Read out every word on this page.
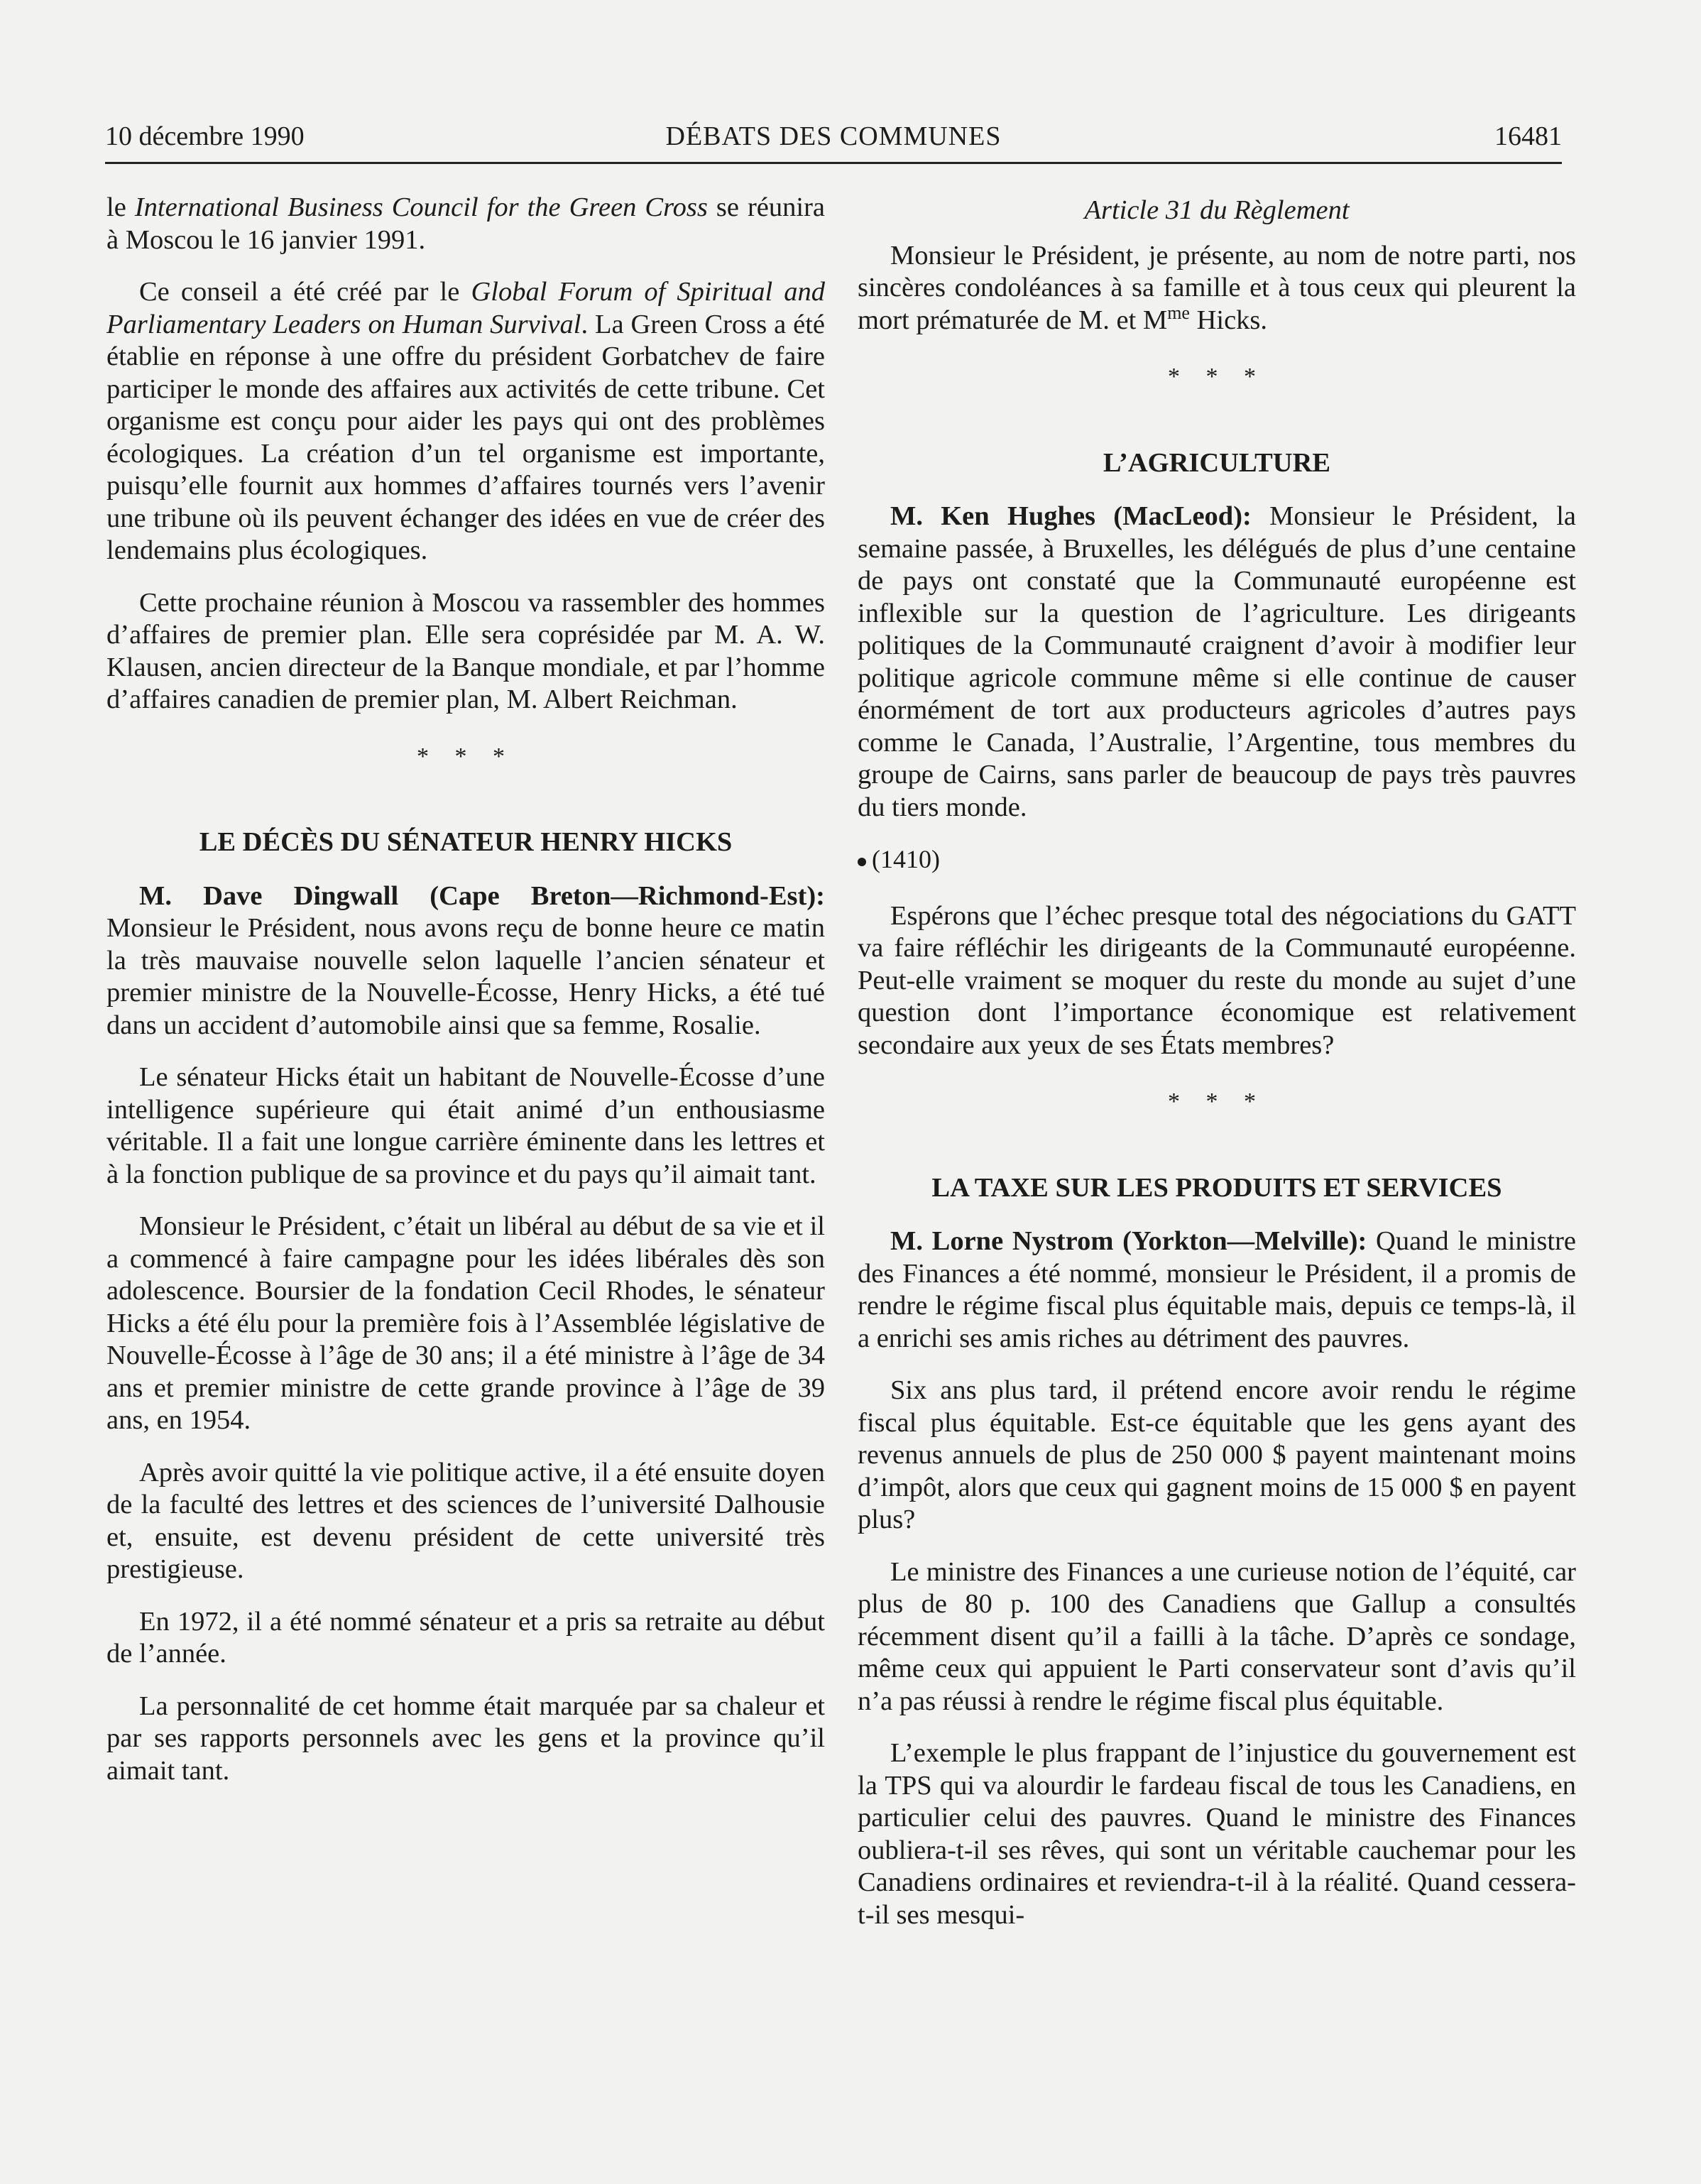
10 décembre 1990	DÉBATS DES COMMUNES	16481

le International Business Council for the Green Cross se réunira à Moscou le 16 janvier 1991.

Ce conseil a été créé par le Global Forum of Spiritual and Parliamentary Leaders on Human Survival. La Green Cross a été établie en réponse à une offre du président Gorbatchev de faire participer le monde des affaires aux activités de cette tribune. Cet organisme est conçu pour aider les pays qui ont des problèmes écologiques. La création d’un tel organisme est importante, puisqu’elle fournit aux hommes d’affaires tournés vers l’avenir une tribune où ils peuvent échanger des idées en vue de créer des lendemains plus écologiques.

Cette prochaine réunion à Moscou va rassembler des hommes d’affaires de premier plan. Elle sera coprésidée par M. A. W. Klausen, ancien directeur de la Banque mondiale, et par l’homme d’affaires canadien de premier plan, M. Albert Reichman.

* * *
LE DÉCÈS DU SÉNATEUR HENRY HICKS

M. Dave Dingwall (Cape Breton—Richmond-Est): Monsieur le Président, nous avons reçu de bonne heure ce matin la très mauvaise nouvelle selon laquelle l’ancien sénateur et premier ministre de la Nouvelle-Écosse, Henry Hicks, a été tué dans un accident d’automobile ainsi que sa femme, Rosalie.

Le sénateur Hicks était un habitant de Nouvelle-Écosse d’une intelligence supérieure qui était animé d’un enthousiasme véritable. Il a fait une longue carrière éminente dans les lettres et à la fonction publique de sa province et du pays qu’il aimait tant.

Monsieur le Président, c’était un libéral au début de sa vie et il a commencé à faire campagne pour les idées libérales dès son adolescence. Boursier de la fondation Cecil Rhodes, le sénateur Hicks a été élu pour la première fois à l’Assemblée législative de Nouvelle-Écosse à l’âge de 30 ans; il a été ministre à l’âge de 34 ans et premier ministre de cette grande province à l’âge de 39 ans, en 1954.

Après avoir quitté la vie politique active, il a été ensuite doyen de la faculté des lettres et des sciences de l’université Dalhousie et, ensuite, est devenu président de cette université très prestigieuse.

En 1972, il a été nommé sénateur et a pris sa retraite au début de l’année.

La personnalité de cet homme était marquée par sa chaleur et par ses rapports personnels avec les gens et la province qu’il aimait tant.

Article 31 du Règlement

Monsieur le Président, je présente, au nom de notre parti, nos sincères condoléances à sa famille et à tous ceux qui pleurent la mort prématurée de M. et $M^{me}$ Hicks.

* * *
L’AGRICULTURE

M. Ken Hughes (MacLeod): Monsieur le Président, la semaine passée, à Bruxelles, les délégués de plus d’une centaine de pays ont constaté que la Communauté européenne est inflexible sur la question de l’agriculture. Les dirigeants politiques de la Communauté craignent d’avoir à modifier leur politique agricole commune même si elle continue de causer énormément de tort aux producteurs agricoles d’autres pays comme le Canada, l’Australie, l’Argentine, tous membres du groupe de Cairns, sans parler de beaucoup de pays très pauvres du tiers monde.

(1410)

Espérons que l’échec presque total des négociations du GATT va faire réfléchir les dirigeants de la Communauté européenne. Peut-elle vraiment se moquer du reste du monde au sujet d’une question dont l’importance économique est relativement secondaire aux yeux de ses États membres?

* * *
LA TAXE SUR LES PRODUITS ET SERVICES

M. Lorne Nystrom (Yorkton—Melville): Quand le ministre des Finances a été nommé, monsieur le Président, il a promis de rendre le régime fiscal plus équitable mais, depuis ce temps-là, il a enrichi ses amis riches au détriment des pauvres.

Six ans plus tard, il prétend encore avoir rendu le régime fiscal plus équitable. Est-ce équitable que les gens ayant des revenus annuels de plus de 250 000 $ payent maintenant moins d’impôt, alors que ceux qui gagnent moins de 15 000 $ en payent plus?

Le ministre des Finances a une curieuse notion de l’équité, car plus de 80 p. 100 des Canadiens que Gallup a consultés récemment disent qu’il a failli à la tâche. D’après ce sondage, même ceux qui appuient le Parti conservateur sont d’avis qu’il n’a pas réussi à rendre le régime fiscal plus équitable.

L’exemple le plus frappant de l’injustice du gouvernement est la TPS qui va alourdir le fardeau fiscal de tous les Canadiens, en particulier celui des pauvres. Quand le ministre des Finances oubliera-t-il ses rêves, qui sont un véritable cauchemar pour les Canadiens ordinaires et reviendra-t-il à la réalité. Quand cessera-t-il ses mesqui-
